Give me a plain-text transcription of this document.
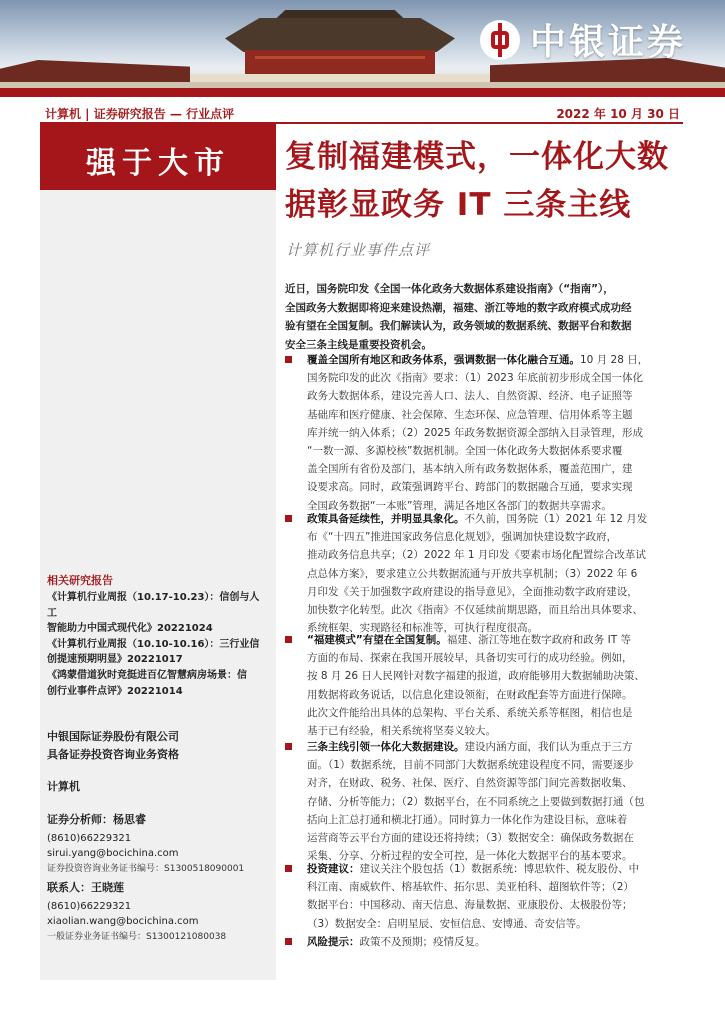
中银证券
计算机 | 证券研究报告 — 行业点评	2022 年 10 月 30 日
强于大市
相关研究报告

《计算机行业周报（10.17-10.23）：信创与人工

智能助力中国式现代化》20221024

《计算机行业周报（10.10-10.16）：三行业信

创提速预期明显》20221017

《鸿蒙借道狄时竞挺进百亿智慧病房场景：信

创行业事件点评》20221014

中银国际证券股份有限公司

具备证券投资咨询业务资格

计算机

证券分析师：杨思睿

(8610)66229321

sirui.yang@bocichina.com

证券投资咨询业务证书编号：S1300518090001

联系人：王晓莲

(8610)66229321

xiaolian.wang@bocichina.com

一般证券业务证书编号：S1300121080038

复制福建模式，一体化大数

据彰显政务 IT 三条主线

计算机行业事件点评

近日，国务院印发《全国一体化政务大数据体系建设指南》（“指南”），

全国政务大数据即将迎来建设热潮，福建、浙江等地的数字政府模式成功经

验有望在全国复制。我们解读认为，政务领域的数据系统、数据平台和数据

安全三条主线是重要投资机会。

覆盖全国所有地区和政务体系，强调数据一体化融合互通。10 月 28 日，

国务院印发的此次《指南》要求：（1）2023 年底前初步形成全国一体化

政务大数据体系，建设完善人口、法人、自然资源、经济、电子证照等

基础库和医疗健康、社会保障、生态环保、应急管理、信用体系等主题

库并统一纳入体系；（2）2025 年政务数据资源全部纳入目录管理，形成

“一数一源、多源校核”数据机制。全国一体化政务大数据体系要求覆

盖全国所有省份及部门，基本纳入所有政务数据体系，覆盖范围广，建

设要求高。同时，政策强调跨平台、跨部门的数据融合互通，要求实现

全国政务数据“一本账”管理，满足各地区各部门的数据共享需求。

政策具备延续性，并明显具象化。不久前，国务院（1）2021 年 12 月发

布《“十四五”推进国家政务信息化规划》，强调加快建设数字政府，

推动政务信息共享；（2）2022 年 1 月印发《要素市场化配置综合改革试

点总体方案》，要求建立公共数据流通与开放共享机制；（3）2022 年 6

月印发《关于加强数字政府建设的指导意见》，全面推动数字政府建设，

加快数字化转型。此次《指南》不仅延续前期思路，而且给出具体要求、

系统框架、实现路径和标准等，可执行程度很高。

“福建模式”有望在全国复制。福建、浙江等地在数字政府和政务 IT 等

方面的布局、探索在我国开展较早，具备切实可行的成功经验。例如，

按 8 月 26 日人民网针对数字福建的报道，政府能够用大数据辅助决策、

用数据将政务说话，以信息化建设领衔，在财政配套等方面进行保障。

此次文件能给出具体的总架构、平台关系、系统关系等框图，相信也是

基于已有经验，相关系统将坚奏义较大。

三条主线引领一体化大数据建设。建设内涵方面，我们认为重点于三方

面。（1）数据系统，目前不同部门大数据系统建设程度不同，需要逐步

对齐，在财政、税务、社保、医疗、自然资源等部门间完善数据收集、

存储、分析等能力；（2）数据平台，在不同系统之上要做到数据打通（包

括向上汇总打通和横北打通）。同时算力一体化作为建设目标，意味着

运营商等云平台方面的建设还将持续；（3）数据安全：确保政务数据在

采集、分享、分析过程的安全可控，是一体化大数据平台的基本要求。

投资建议：建议关注个股包括（1）数据系统：博思软件、税友股份、中

科江南、南威软件、榕基软件、拓尔思、美亚柏科、超图软件等；（2）

数据平台：中国移动、南天信息、海量数据、亚康股份、太极股份等；

（3）数据安全：启明星辰、安恒信息、安博通、奇安信等。

风险提示：政策不及预期；疫情反复。
